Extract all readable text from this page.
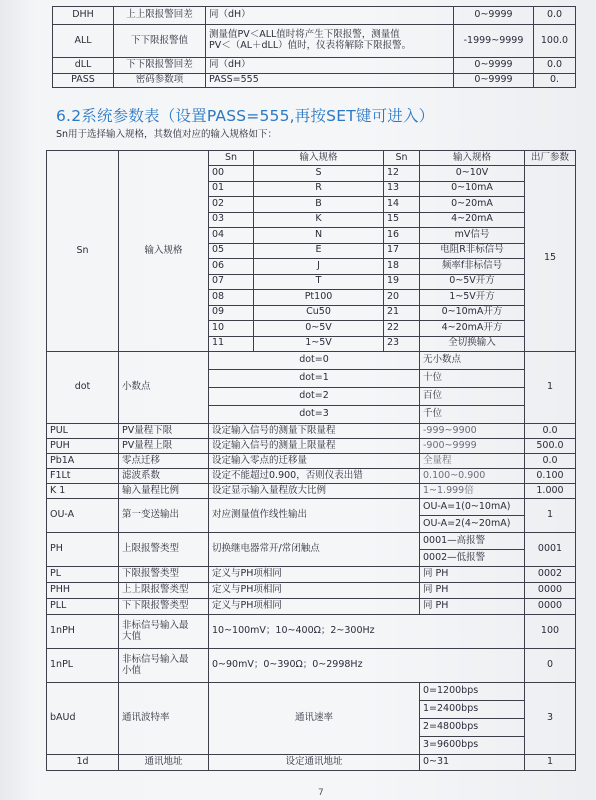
DHH	上上限报警回差	同（dH）	0~9999	0.0
ALL	下下限报警值	测量值PV＜ALL值时将产生下限报警，测量值
PV＜（AL＋dLL）值时，仪表将解除下限报警。	-1999~9999	100.0
dLL	下下限报警回差	同（dH）	0~9999	0.0
PASS	密码参数项	PASS=555	0~9999	0.
6.2系统参数表（设置PASS=555,再按SET键可进入）
Sn用于选择输入规格，其数值对应的输入规格如下：
Sn	输入规格	Sn	输入规格	Sn	输入规格	出厂参数
		00	S	12	0~10V	15
		01	R	13	0~10mA	
		02	B	14	0~20mA	
		03	K	15	4~20mA	
		04	N	16	mV信号	
		05	E	17	电阻R非标信号	
		06	J	18	频率f非标信号	
		07	T	19	0~5V开方	
		08	Pt100	20	1~5V开方	
		09	Cu50	21	0~10mA开方	
		10	0~5V	22	4~20mA开方	
		11	1~5V	23	全切换输入	
dot	小数点	dot=0			无小数点	1
		dot=1			十位	
		dot=2			百位	
		dot=3			千位	
PUL	PV量程下限	设定输入信号的测量下限量程			-999~9900	0.0
PUH	PV量程上限	设定输入信号的测量上限量程			-900~9999	500.0
Pb1A	零点迁移	设定输入零点的迁移量			全量程	0.0
F1Lt	滤波系数	设定不能超过0.900，否则仪表出错			0.100~0.900	0.100
K 1	输入量程比例	设定显示输入量程放大比例			1~1.999倍	1.000
OU-A	第一变送输出	对应测量值作线性输出			OU-A=1(0~10mA)	1
					OU-A=2(4~20mA)	
PH	上限报警类型	切换继电器常开/常闭触点			0001—高报警	0001
					0002—低报警	
PL	下限报警类型	定义与PH项相同			同 PH	0002
PHH	上上限报警类型	定义与PH项相同			同 PH	0000
PLL	下下限报警类型	定义与PH项相同			同 PH	0000
1nPH	非标信号输入最
大值	10~100mV；10~400Ω；2~300Hz				100
1nPL	非标信号输入最
小值	0~90mV；0~390Ω；0~2998Hz				0
bAUd	通讯波特率	通讯速率			0=1200bps	3
					1=2400bps	
					2=4800bps	
					3=9600bps	
1d	通讯地址	设定通讯地址			0~31	1
7
